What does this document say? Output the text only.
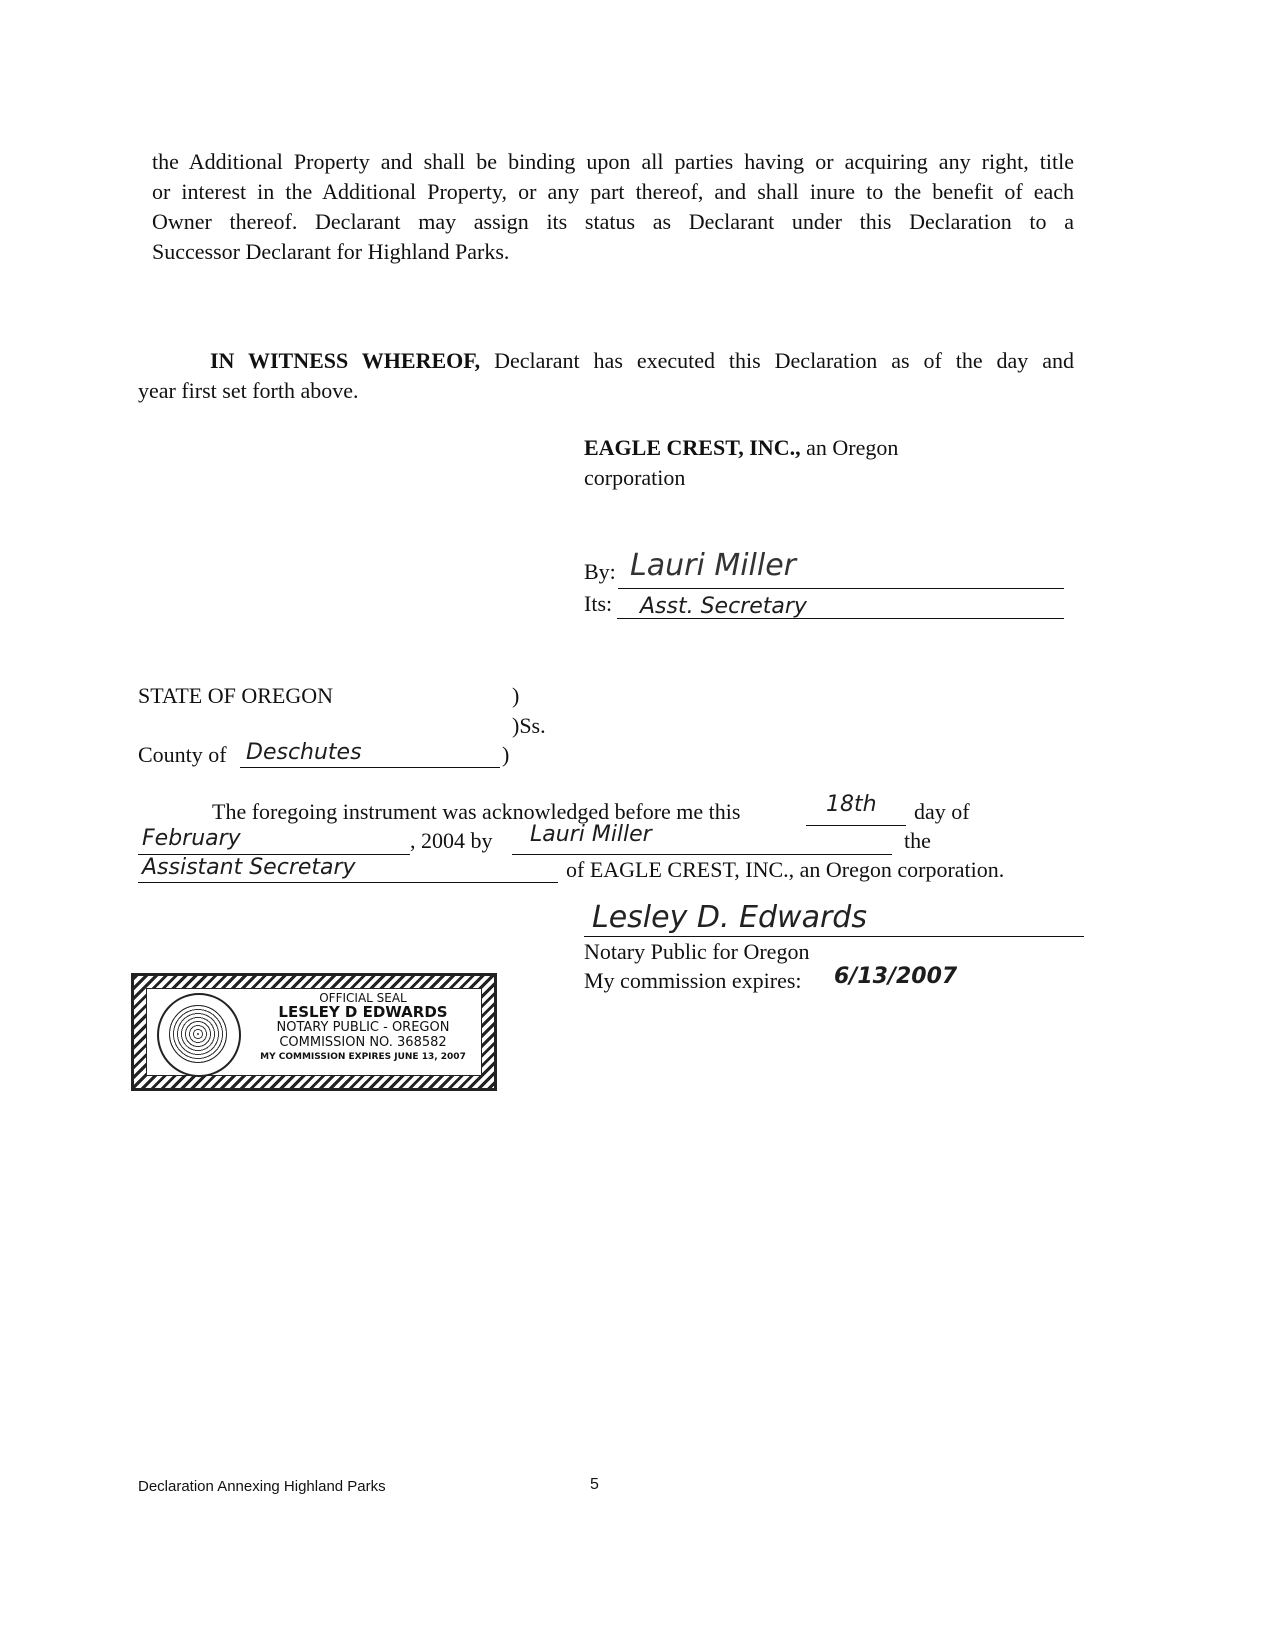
the Additional Property and shall be binding upon all parties having or acquiring any right, title
or interest in the Additional Property, or any part thereof, and shall inure to the benefit of each
Owner thereof. Declarant may assign its status as Declarant under this Declaration to a
Successor Declarant for Highland Parks.
IN WITNESS WHEREOF, Declarant has executed this Declaration as of the day and
year first set forth above.
EAGLE CREST, INC., an Oregon
corporation
By: Lauri Miller
Its: Asst. Secretary
STATE OF OREGON	)
)Ss.
County of Deschutes	)
The foregoing instrument was acknowledged before me this	18th day of
February	, 2004 by Lauri Miller	the
Assistant Secretary	of EAGLE CREST, INC., an Oregon corporation.
Lesley D. Edwards
Notary Public for Oregon
My commission expires: 6/13/2007
OFFICIAL SEAL
LESLEY D EDWARDS
NOTARY PUBLIC - OREGON
COMMISSION NO. 368582
MY COMMISSION EXPIRES JUNE 13, 2007
Declaration Annexing Highland Parks	5
